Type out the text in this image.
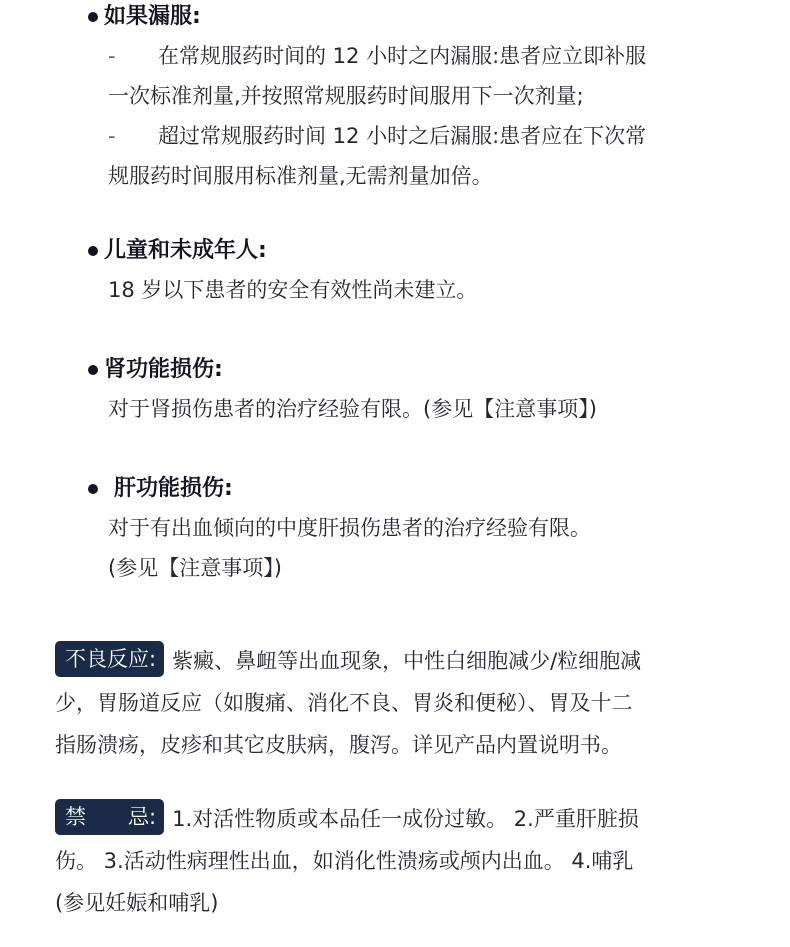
如果漏服:
- 在常规服药时间的 12 小时之内漏服:患者应立即补服
一次标准剂量,并按照常规服药时间服用下一次剂量;
- 超过常规服药时间 12 小时之后漏服:患者应在下次常
规服药时间服用标准剂量,无需剂量加倍。
儿童和未成年人:
18 岁以下患者的安全有效性尚未建立。
肾功能损伤:
对于肾损伤患者的治疗经验有限。(参见【注意事项】)
肝功能损伤:
对于有出血倾向的中度肝损伤患者的治疗经验有限。
(参见【注意事项】)
不良反应: 紫癜、鼻衄等出血现象，中性白细胞减少/粒细胞减
少，胃肠道反应（如腹痛、消化不良、胃炎和便秘）、胃及十二
指肠溃疡，皮疹和其它皮肤病，腹泻。详见产品内置说明书。
禁　　忌: 1.对活性物质或本品任一成份过敏。 2.严重肝脏损
伤。 3.活动性病理性出血，如消化性溃疡或颅内出血。 4.哺乳
(参见妊娠和哺乳)
